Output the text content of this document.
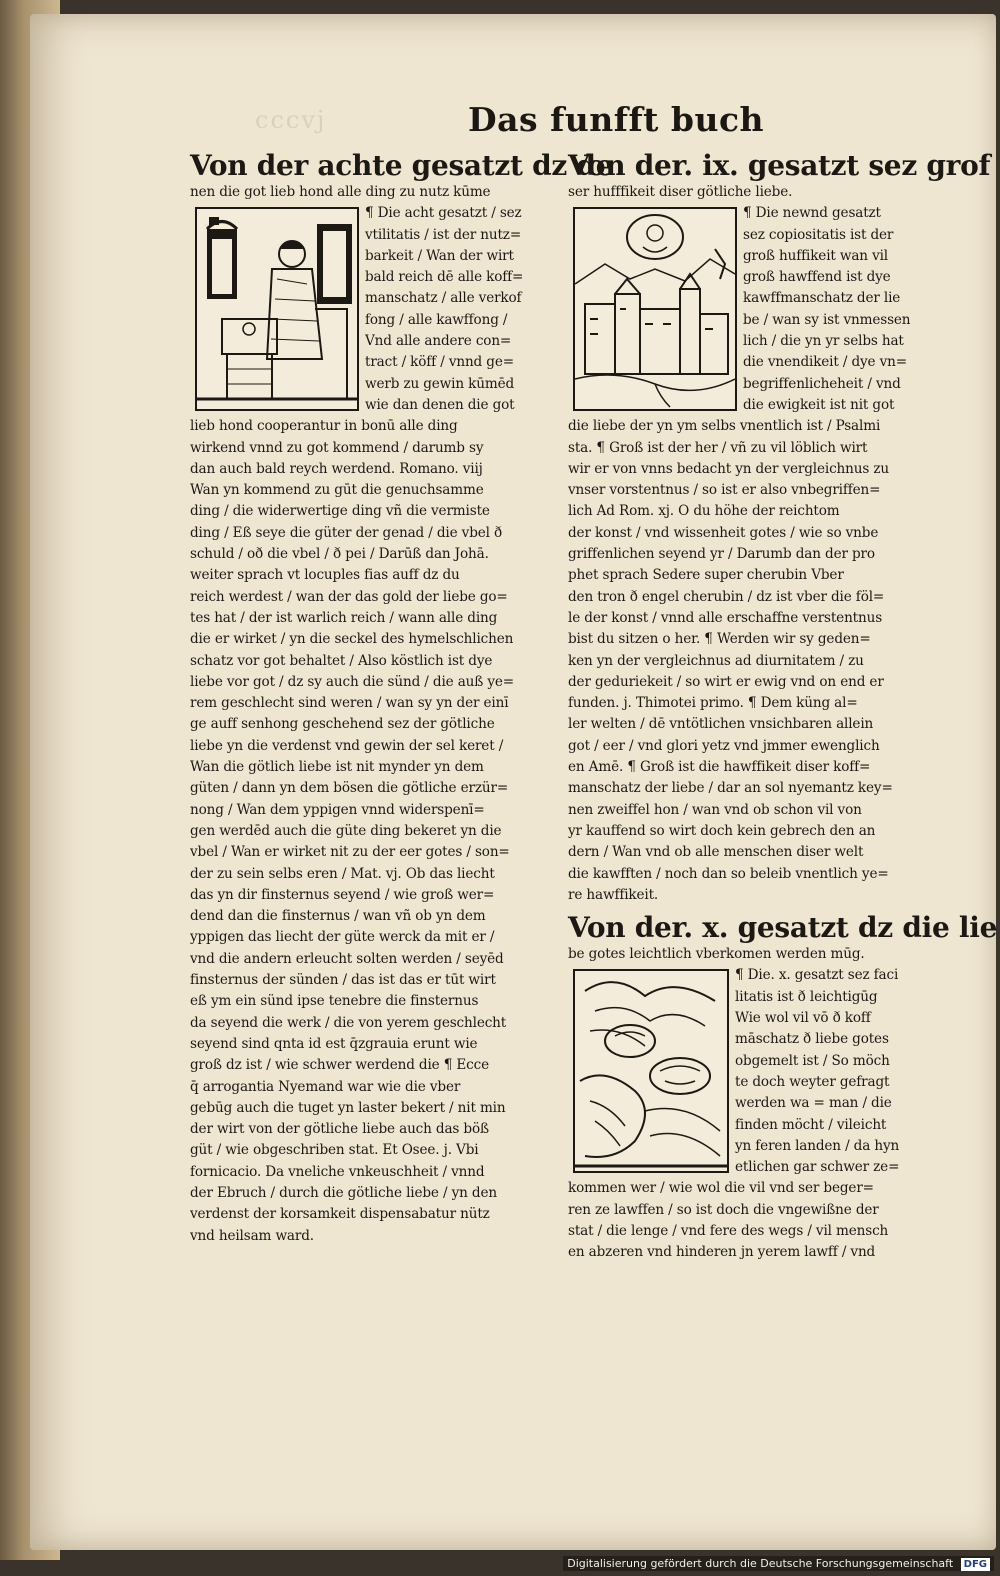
cccvj	Das funfft buch

Von der achte gesatzt dz de

nen die got lieb hond alle ding zu nutz kūme

¶ Die acht gesatzt / sez

vtilitatis / ist der nutz=

barkeit / Wan der wirt

bald reich dē alle koff=

manschatz / alle verkof

fong / alle kawffong /

Vnd alle andere con=

tract / köff / vnnd ge=

werb zu gewin kūmēd

wie dan denen die got

lieb hond cooperantur in bonū alle ding

wirkend vnnd zu got kommend / darumb sy

dan auch bald reych werdend. Romano. viij

Wan yn kommend zu gūt die genuchsamme

ding / die widerwertige ding vñ die vermiste

ding / Eß seye die güter der genad / die vbel ð

schuld / oð die vbel / ð pei / Darūß dan Johā.

weiter sprach vt locuples fias auff dz du

reich werdest / wan der das gold der liebe go=

tes hat / der ist warlich reich / wann alle ding

die er wirket / yn die seckel des hymelschlichen

schatz vor got behaltet / Also köstlich ist dye

liebe vor got / dz sy auch die sünd / die auß ye=

rem geschlecht sind weren / wan sy yn der einī

ge auff senhong geschehend sez der götliche

liebe yn die verdenst vnd gewin der sel keret /

Wan die götlich liebe ist nit mynder yn dem

güten / dann yn dem bösen die götliche erzür=

nong / Wan dem yppigen vnnd widerspenī=

gen werdēd auch die güte ding bekeret yn die

vbel / Wan er wirket nit zu der eer gotes / son=

der zu sein selbs eren / Mat. vj. Ob das liecht

das yn dir finsternus seyend / wie groß wer=

dend dan die finsternus / wan vñ ob yn dem

yppigen das liecht der güte werck da mit er /

vnd die andern erleucht solten werden / seyēd

finsternus der sünden / das ist das er tūt wirt

eß ym ein sünd ipse tenebre die finsternus

da seyend die werk / die von yerem geschlecht

seyend sind qnta id est q̄zgrauia erunt wie

groß dz ist / wie schwer werdend die ¶ Ecce

q̄ arrogantia Nyemand war wie die vber

gebūg auch die tuget yn laster bekert / nit min

der wirt von der götliche liebe auch das böß

güt / wie obgeschriben stat. Et Osee. j. Vbi

fornicacio. Da vneliche vnkeuschheit / vnnd

der Ebruch / durch die götliche liebe / yn den

verdenst der korsamkeit dispensabatur nütz

vnd heilsam ward.

Von der. ix. gesatzt sez grof

ser hufffikeit diser götliche liebe.

¶ Die newnd gesatzt

sez copiositatis ist der

groß huffikeit wan vil

groß hawffend ist dye

kawffmanschatz der lie

be / wan sy ist vnmessen

lich / die yn yr selbs hat

die vnendikeit / dye vn=

begriffenlicheheit / vnd

die ewigkeit ist nit got

die liebe der yn ym selbs vnentlich ist / Psalmi

sta. ¶ Groß ist der her / vñ zu vil löblich wirt

wir er von vnns bedacht yn der vergleichnus zu

vnser vorstentnus / so ist er also vnbegriffen=

lich Ad Rom. xj. O du höhe der reichtom

der konst / vnd wissenheit gotes / wie so vnbe

griffenlichen seyend yr / Darumb dan der pro

phet sprach Sedere super cherubin Vber

den tron ð engel cherubin / dz ist vber die föl=

le der konst / vnnd alle erschaffne verstentnus

bist du sitzen o her. ¶ Werden wir sy geden=

ken yn der vergleichnus ad diurnitatem / zu

der geduriekeit / so wirt er ewig vnd on end er

funden. j. Thimotei primo. ¶ Dem küng al=

ler welten / dē vntötlichen vnsichbaren allein

got / eer / vnd glori yetz vnd jmmer ewenglich

en Amē. ¶ Groß ist die hawffikeit diser koff=

manschatz der liebe / dar an sol nyemantz key=

nen zweiffel hon / wan vnd ob schon vil von

yr kauffend so wirt doch kein gebrech den an

dern / Wan vnd ob alle menschen diser welt

die kawfften / noch dan so beleib vnentlich ye=

re hawffikeit.

Von der. x. gesatzt dz die lie

be gotes leichtlich vberkomen werden mūg.

¶ Die. x. gesatzt sez faci

litatis ist ð leichtigūg

Wie wol vil vō ð koff

māschatz ð liebe gotes

obgemelt ist / So möch

te doch weyter gefragt

werden wa = man / die

finden möcht / vileicht

yn feren landen / da hyn

etlichen gar schwer ze=

kommen wer / wie wol die vil vnd ser beger=

ren ze lawffen / so ist doch die vngewißne der

stat / die lenge / vnd fere des wegs / vil mensch

en abzeren vnd hinderen jn yerem lawff / vnd

Digitalisierung gefördert durch die Deutsche Forschungsgemeinschaft DFG
